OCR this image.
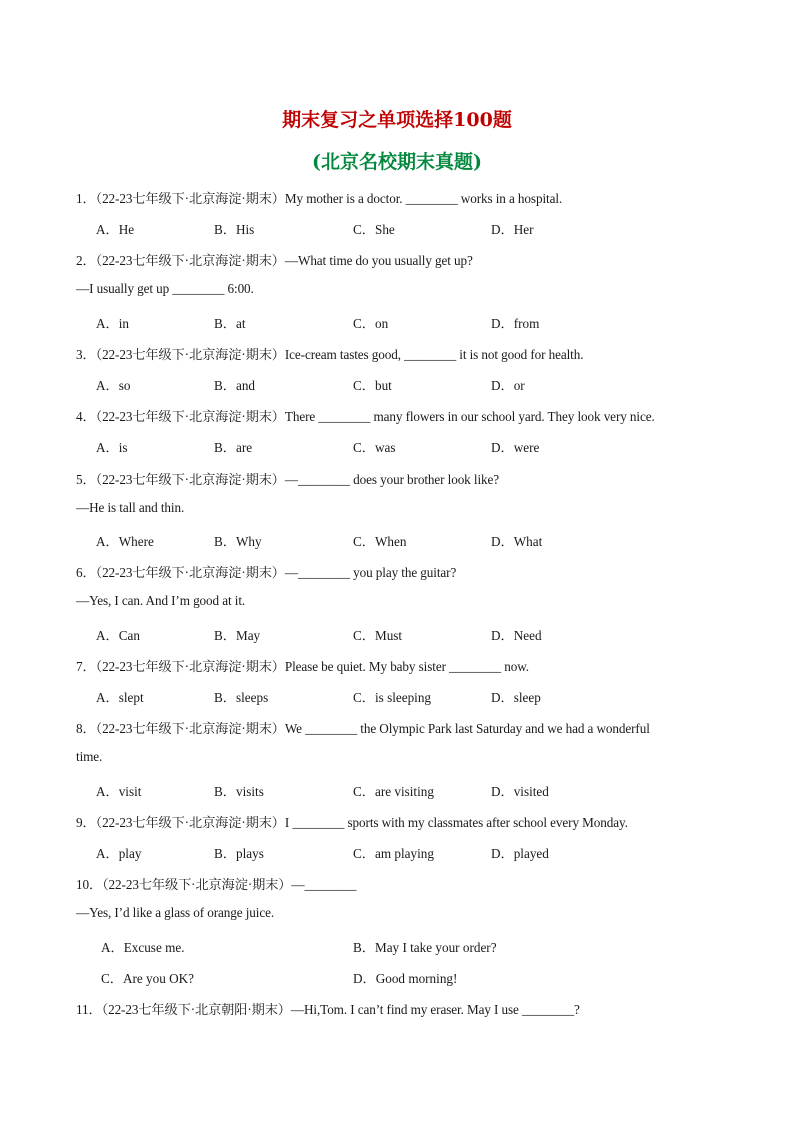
期末复习之单项选择100题
(北京名校期末真题)
1．（22-23七年级下·北京海淀·期末）My mother is a doctor. ________ works in a hospital.
A．He	B．His	C．She	D．Her
2．（22-23七年级下·北京海淀·期末）—What time do you usually get up?
—I usually get up ________ 6:00.
A．in	B．at	C．on	D．from
3．（22-23七年级下·北京海淀·期末）Ice-cream tastes good, ________ it is not good for health.
A．so	B．and	C．but	D．or
4．（22-23七年级下·北京海淀·期末）There ________ many flowers in our school yard. They look very nice.
A．is	B．are	C．was	D．were
5．（22-23七年级下·北京海淀·期末）—________ does your brother look like?
—He is tall and thin.
A．Where	B．Why	C．When	D．What
6．（22-23七年级下·北京海淀·期末）—________ you play the guitar?
—Yes, I can. And I’m good at it.
A．Can	B．May	C．Must	D．Need
7．（22-23七年级下·北京海淀·期末）Please be quiet. My baby sister ________ now.
A．slept	B．sleeps	C．is sleeping	D．sleep
8．（22-23七年级下·北京海淀·期末）We ________ the Olympic Park last Saturday and we had a wonderful
time.
A．visit	B．visits	C．are visiting	D．visited
9．（22-23七年级下·北京海淀·期末）I ________ sports with my classmates after school every Monday.
A．play	B．plays	C．am playing	D．played
10．（22-23七年级下·北京海淀·期末）—________
—Yes, I’d like a glass of orange juice.
A．Excuse me.	B．May I take your order?
C．Are you OK?	D．Good morning!
11．（22-23七年级下·北京朝阳·期末）—Hi,Tom. I can’t find my eraser. May I use ________?
